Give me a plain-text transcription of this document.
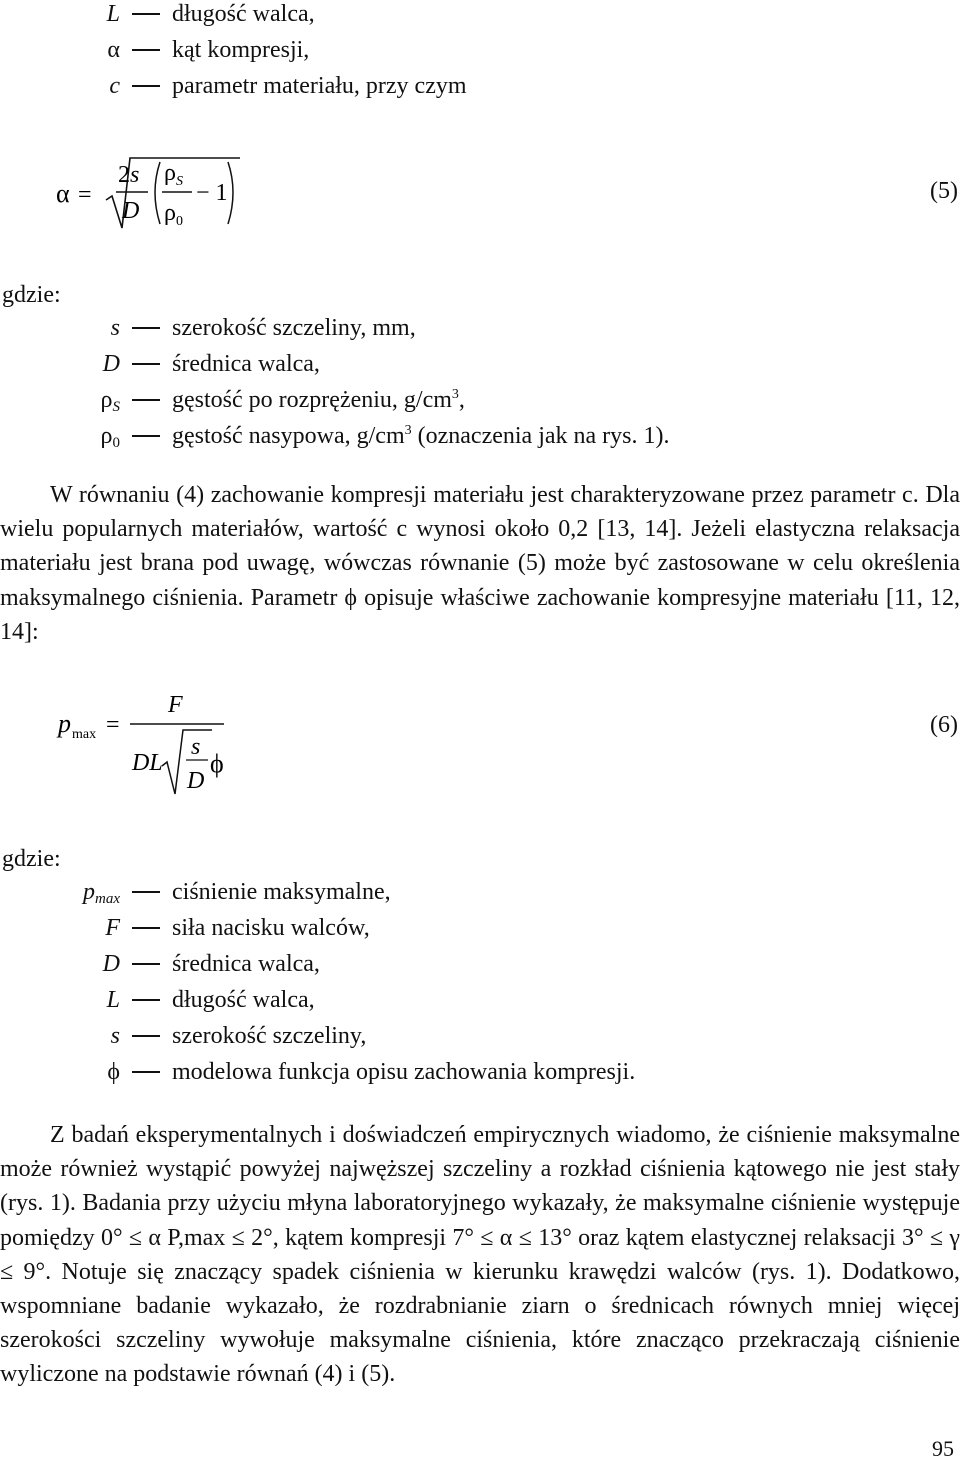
L długość walca,
α kąt kompresji,
c parametr materiału, przy czym
α =
2s
D
$\rho_S$
$\rho_0$
− 1	(5)
gdzie:
s szerokość szczeliny, mm,
D średnica walca,
$\rho_S$ gęstość po rozprężeniu, $g/cm^3$,
$\rho_0$ gęstość nasypowa, $g/cm^3$ (oznaczenia jak na rys. 1).

W równaniu (4) zachowanie kompresji materiału jest charakteryzowane przez parametr c. Dla wielu popularnych materiałów, wartość c wynosi około 0,2 [13, 14]. Jeżeli elastyczna relaksacja materiału jest brana pod uwagę, wówczas równanie (5) może być zastosowane w celu określenia maksymalnego ciśnienia. Parametr ϕ opisuje właściwe zachowanie kompresyjne materiału [11, 12, 14]:

p max =
F
DL
s
D
ϕ
(6)
gdzie:
$p_{max}$ ciśnienie maksymalne,
F siła nacisku walców,
D średnica walca,
L długość walca,
s szerokość szczeliny,
ϕ modelowa funkcja opisu zachowania kompresji.

Z badań eksperymentalnych i doświadczeń empirycznych wiadomo, że ciśnienie maksymalne może również wystąpić powyżej najwęższej szczeliny a rozkład ciśnienia kątowego nie jest stały (rys. 1). Badania przy użyciu młyna laboratoryjnego wykazały, że maksymalne ciśnienie występuje pomiędzy 0° ≤ α P,max ≤ 2°, kątem kompresji 7° ≤ α ≤ 13° oraz kątem elastycznej relaksacji 3° ≤ γ ≤ 9°. Notuje się znaczący spadek ciśnienia w kierunku krawędzi walców (rys. 1). Dodatkowo, wspomniane badanie wykazało, że rozdrabnianie ziarn o średnicach równych mniej więcej szerokości szczeliny wywołuje maksymalne ciśnienia, które znacząco przekraczają ciśnienie wyliczone na podstawie równań (4) i (5).

95
